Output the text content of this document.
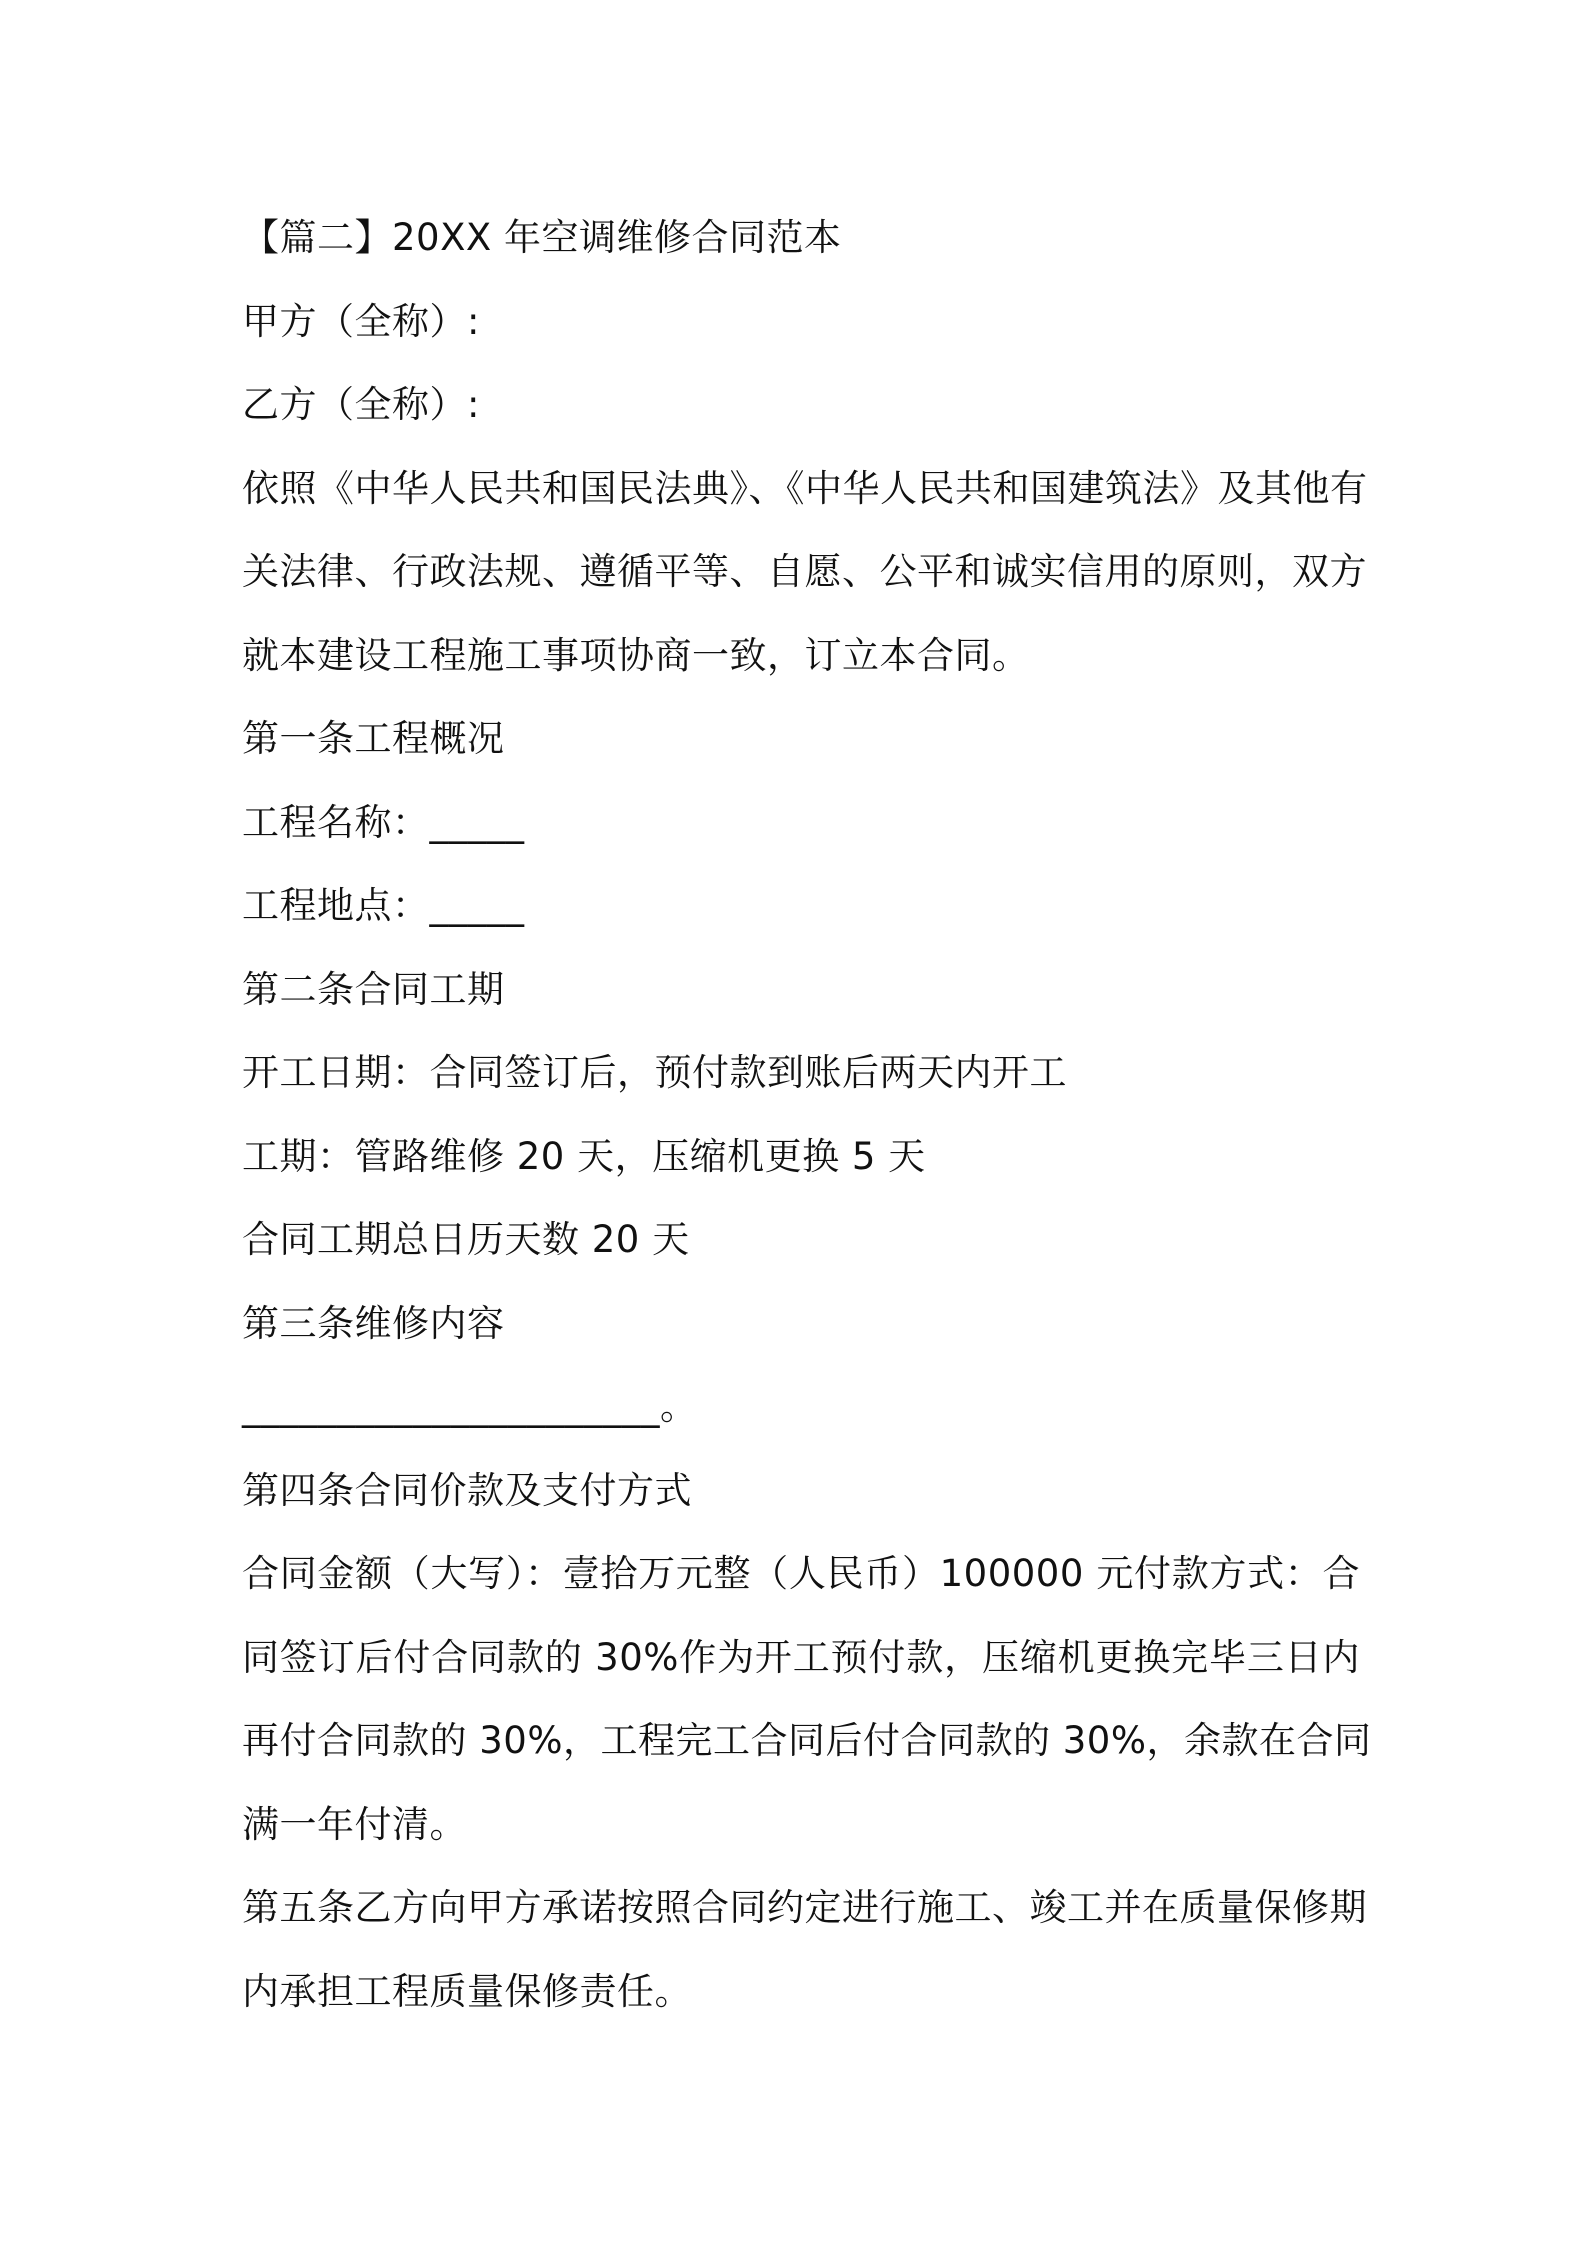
【篇二】20XX 年空调维修合同范本
甲方（全称）:
乙方（全称）:
依照《中华人民共和国民法典》、《中华人民共和国建筑法》及其他有
关法律、行政法规、遵循平等、自愿、公平和诚实信用的原则，双方
就本建设工程施工事项协商一致，订立本合同。
第一条工程概况
工程名称：_____
工程地点：_____
第二条合同工期
开工日期：合同签订后，预付款到账后两天内开工
工期：管路维修 20 天，压缩机更换 5 天
合同工期总日历天数 20 天
第三条维修内容
______________________。
第四条合同价款及支付方式
合同金额（大写）：壹拾万元整（人民币）100000 元付款方式：合
同签订后付合同款的 30%作为开工预付款，压缩机更换完毕三日内
再付合同款的 30%，工程完工合同后付合同款的 30%，余款在合同
满一年付清。
第五条乙方向甲方承诺按照合同约定进行施工、竣工并在质量保修期
内承担工程质量保修责任。
